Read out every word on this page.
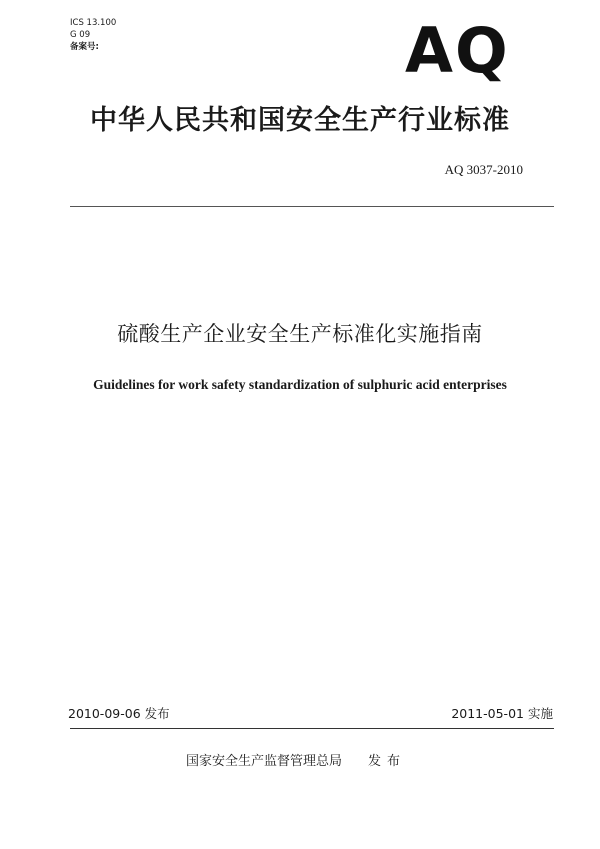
ICS 13.100
G 09
备案号:	AQ
中华人民共和国安全生产行业标准
AQ 3037-2010
硫酸生产企业安全生产标准化实施指南
Guidelines for work safety standardization of sulphuric acid enterprises
2010-09-06 发布	2011-05-01 实施
国家安全生产监督管理总局 发布
